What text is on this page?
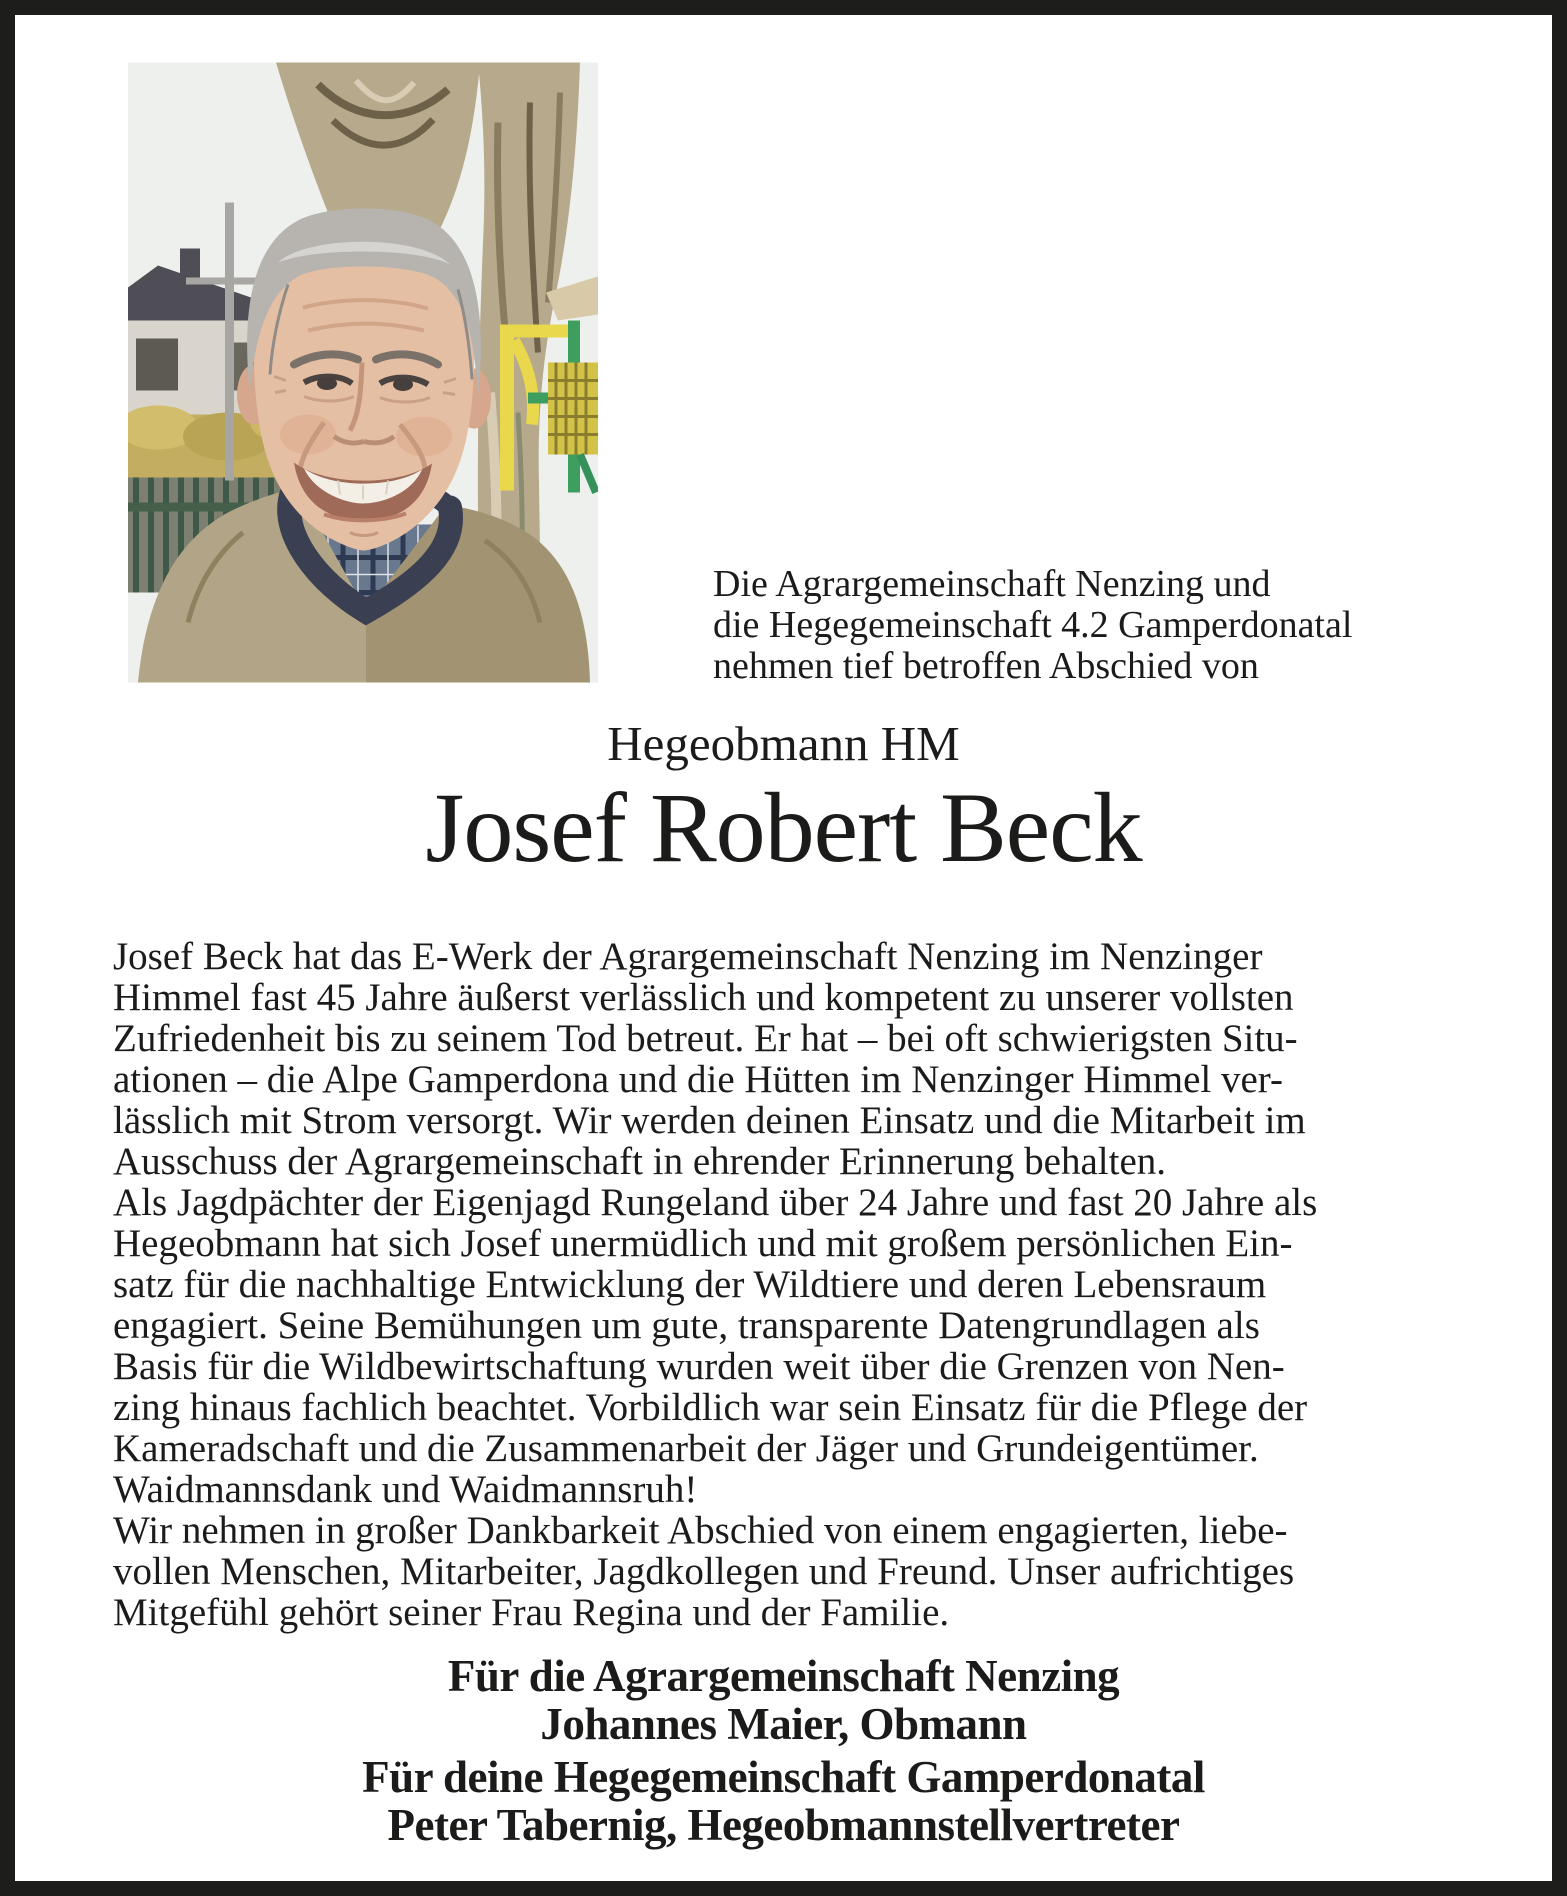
Die Agrargemeinschaft Nenzing und
die Hegegemeinschaft 4.2 Gamperdonatal
nehmen tief betroffen Abschied von
Hegeobmann HM
Josef Robert Beck
Josef Beck hat das E-Werk der Agrargemeinschaft Nenzing im Nenzinger
Himmel fast 45 Jahre äußerst verlässlich und kompetent zu unserer vollsten
Zufriedenheit bis zu seinem Tod betreut. Er hat – bei oft schwierigsten Situ-
ationen – die Alpe Gamperdona und die Hütten im Nenzinger Himmel ver-
lässlich mit Strom versorgt. Wir werden deinen Einsatz und die Mitarbeit im
Ausschuss der Agrargemeinschaft in ehrender Erinnerung behalten.
Als Jagdpächter der Eigenjagd Rungeland über 24 Jahre und fast 20 Jahre als
Hegeobmann hat sich Josef unermüdlich und mit großem persönlichen Ein-
satz für die nachhaltige Entwicklung der Wildtiere und deren Lebensraum
engagiert. Seine Bemühungen um gute, transparente Datengrundlagen als
Basis für die Wildbewirtschaftung wurden weit über die Grenzen von Nen-
zing hinaus fachlich beachtet. Vorbildlich war sein Einsatz für die Pflege der
Kameradschaft und die Zusammenarbeit der Jäger und Grundeigentümer.
Waidmannsdank und Waidmannsruh!
Wir nehmen in großer Dankbarkeit Abschied von einem engagierten, liebe-
vollen Menschen, Mitarbeiter, Jagdkollegen und Freund. Unser aufrichtiges
Mitgefühl gehört seiner Frau Regina und der Familie.
Für die Agrargemeinschaft Nenzing
Johannes Maier, Obmann
Für deine Hegegemeinschaft Gamperdonatal
Peter Tabernig, Hegeobmannstellvertreter
